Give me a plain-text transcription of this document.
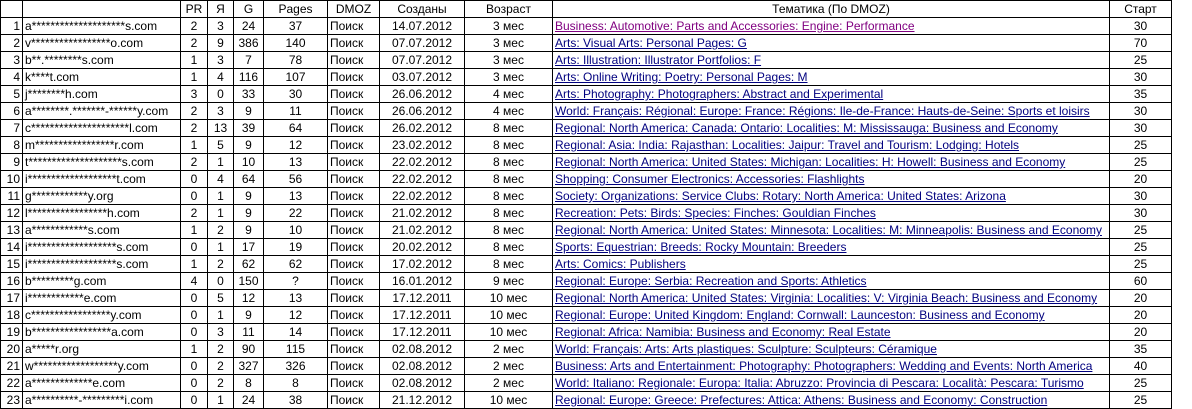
		PR	Я	G	Pages	DMOZ	Созданы	Возраст	Тематика (По DMOZ)	Старт
1	a********************s.com	2	3	24	37	Поиск	14.07.2012	3 мес	Business: Automotive: Parts and Accessories: Engine: Performance	30
2	v*****************o.com	2	9	386	140	Поиск	07.07.2012	3 мес	Arts: Visual Arts: Personal Pages: G	70
3	b**.********s.com	1	3	7	78	Поиск	07.07.2012	3 мес	Arts: Illustration: Illustrator Portfolios: F	25
4	k****t.com	1	4	116	107	Поиск	03.07.2012	3 мес	Arts: Online Writing: Poetry: Personal Pages: M	30
5	j********h.com	3	0	33	30	Поиск	26.06.2012	4 мес	Arts: Photography: Photographers: Abstract and Experimental	35
6	a********.*******-******y.com	2	3	9	11	Поиск	26.06.2012	4 мес	World: Français: Régional: Europe: France: Régions: Ile-de-France: Hauts-de-Seine: Sports et loisirs	30
7	c*********************l.com	2	13	39	64	Поиск	26.02.2012	8 мес	Regional: North America: Canada: Ontario: Localities: M: Mississauga: Business and Economy	30
8	m*****************r.com	1	5	9	12	Поиск	23.02.2012	8 мес	Regional: Asia: India: Rajasthan: Localities: Jaipur: Travel and Tourism: Lodging: Hotels	25
9	t********************s.com	2	1	10	13	Поиск	22.02.2012	8 мес	Regional: North America: United States: Michigan: Localities: H: Howell: Business and Economy	25
10	i*******************t.com	0	4	64	56	Поиск	22.02.2012	8 мес	Shopping: Consumer Electronics: Accessories: Flashlights	20
11	g************y.org	0	1	9	13	Поиск	22.02.2012	8 мес	Society: Organizations: Service Clubs: Rotary: North America: United States: Arizona	30
12	l*****************h.com	2	1	9	22	Поиск	21.02.2012	8 мес	Recreation: Pets: Birds: Species: Finches: Gouldian Finches	30
13	a************s.com	1	2	9	10	Поиск	21.02.2012	8 мес	Regional: North America: United States: Minnesota: Localities: M: Minneapolis: Business and Economy	25
14	i*******************s.com	0	1	17	19	Поиск	20.02.2012	8 мес	Sports: Equestrian: Breeds: Rocky Mountain: Breeders	25
15	i*******************s.com	1	2	62	62	Поиск	17.02.2012	8 мес	Arts: Comics: Publishers	25
16	b*********g.com	4	0	150	?	Поиск	16.01.2012	9 мес	Regional: Europe: Serbia: Recreation and Sports: Athletics	60
17	i************e.com	0	5	12	13	Поиск	17.12.2011	10 мес	Regional: North America: United States: Virginia: Localities: V: Virginia Beach: Business and Economy	20
18	c*****************y.com	0	1	9	12	Поиск	17.12.2011	10 мес	Regional: Europe: United Kingdom: England: Cornwall: Launceston: Business and Economy	20
19	b*****************a.com	0	3	11	14	Поиск	17.12.2011	10 мес	Regional: Africa: Namibia: Business and Economy: Real Estate	20
20	a*****r.org	1	2	90	115	Поиск	02.08.2012	2 мес	World: Français: Arts: Arts plastiques: Sculpture: Sculpteurs: Céramique	35
21	w******************y.com	0	2	327	326	Поиск	02.08.2012	2 мес	Business: Arts and Entertainment: Photography: Photographers: Wedding and Events: North America	40
22	a*************e.com	0	2	8	8	Поиск	02.08.2012	2 мес	World: Italiano: Regionale: Europa: Italia: Abruzzo: Provincia di Pescara: Località: Pescara: Turismo	25
23	a**********-*********i.com	0	1	24	38	Поиск	21.12.2012	10 мес	Regional: Europe: Greece: Prefectures: Attica: Athens: Business and Economy: Construction	25
